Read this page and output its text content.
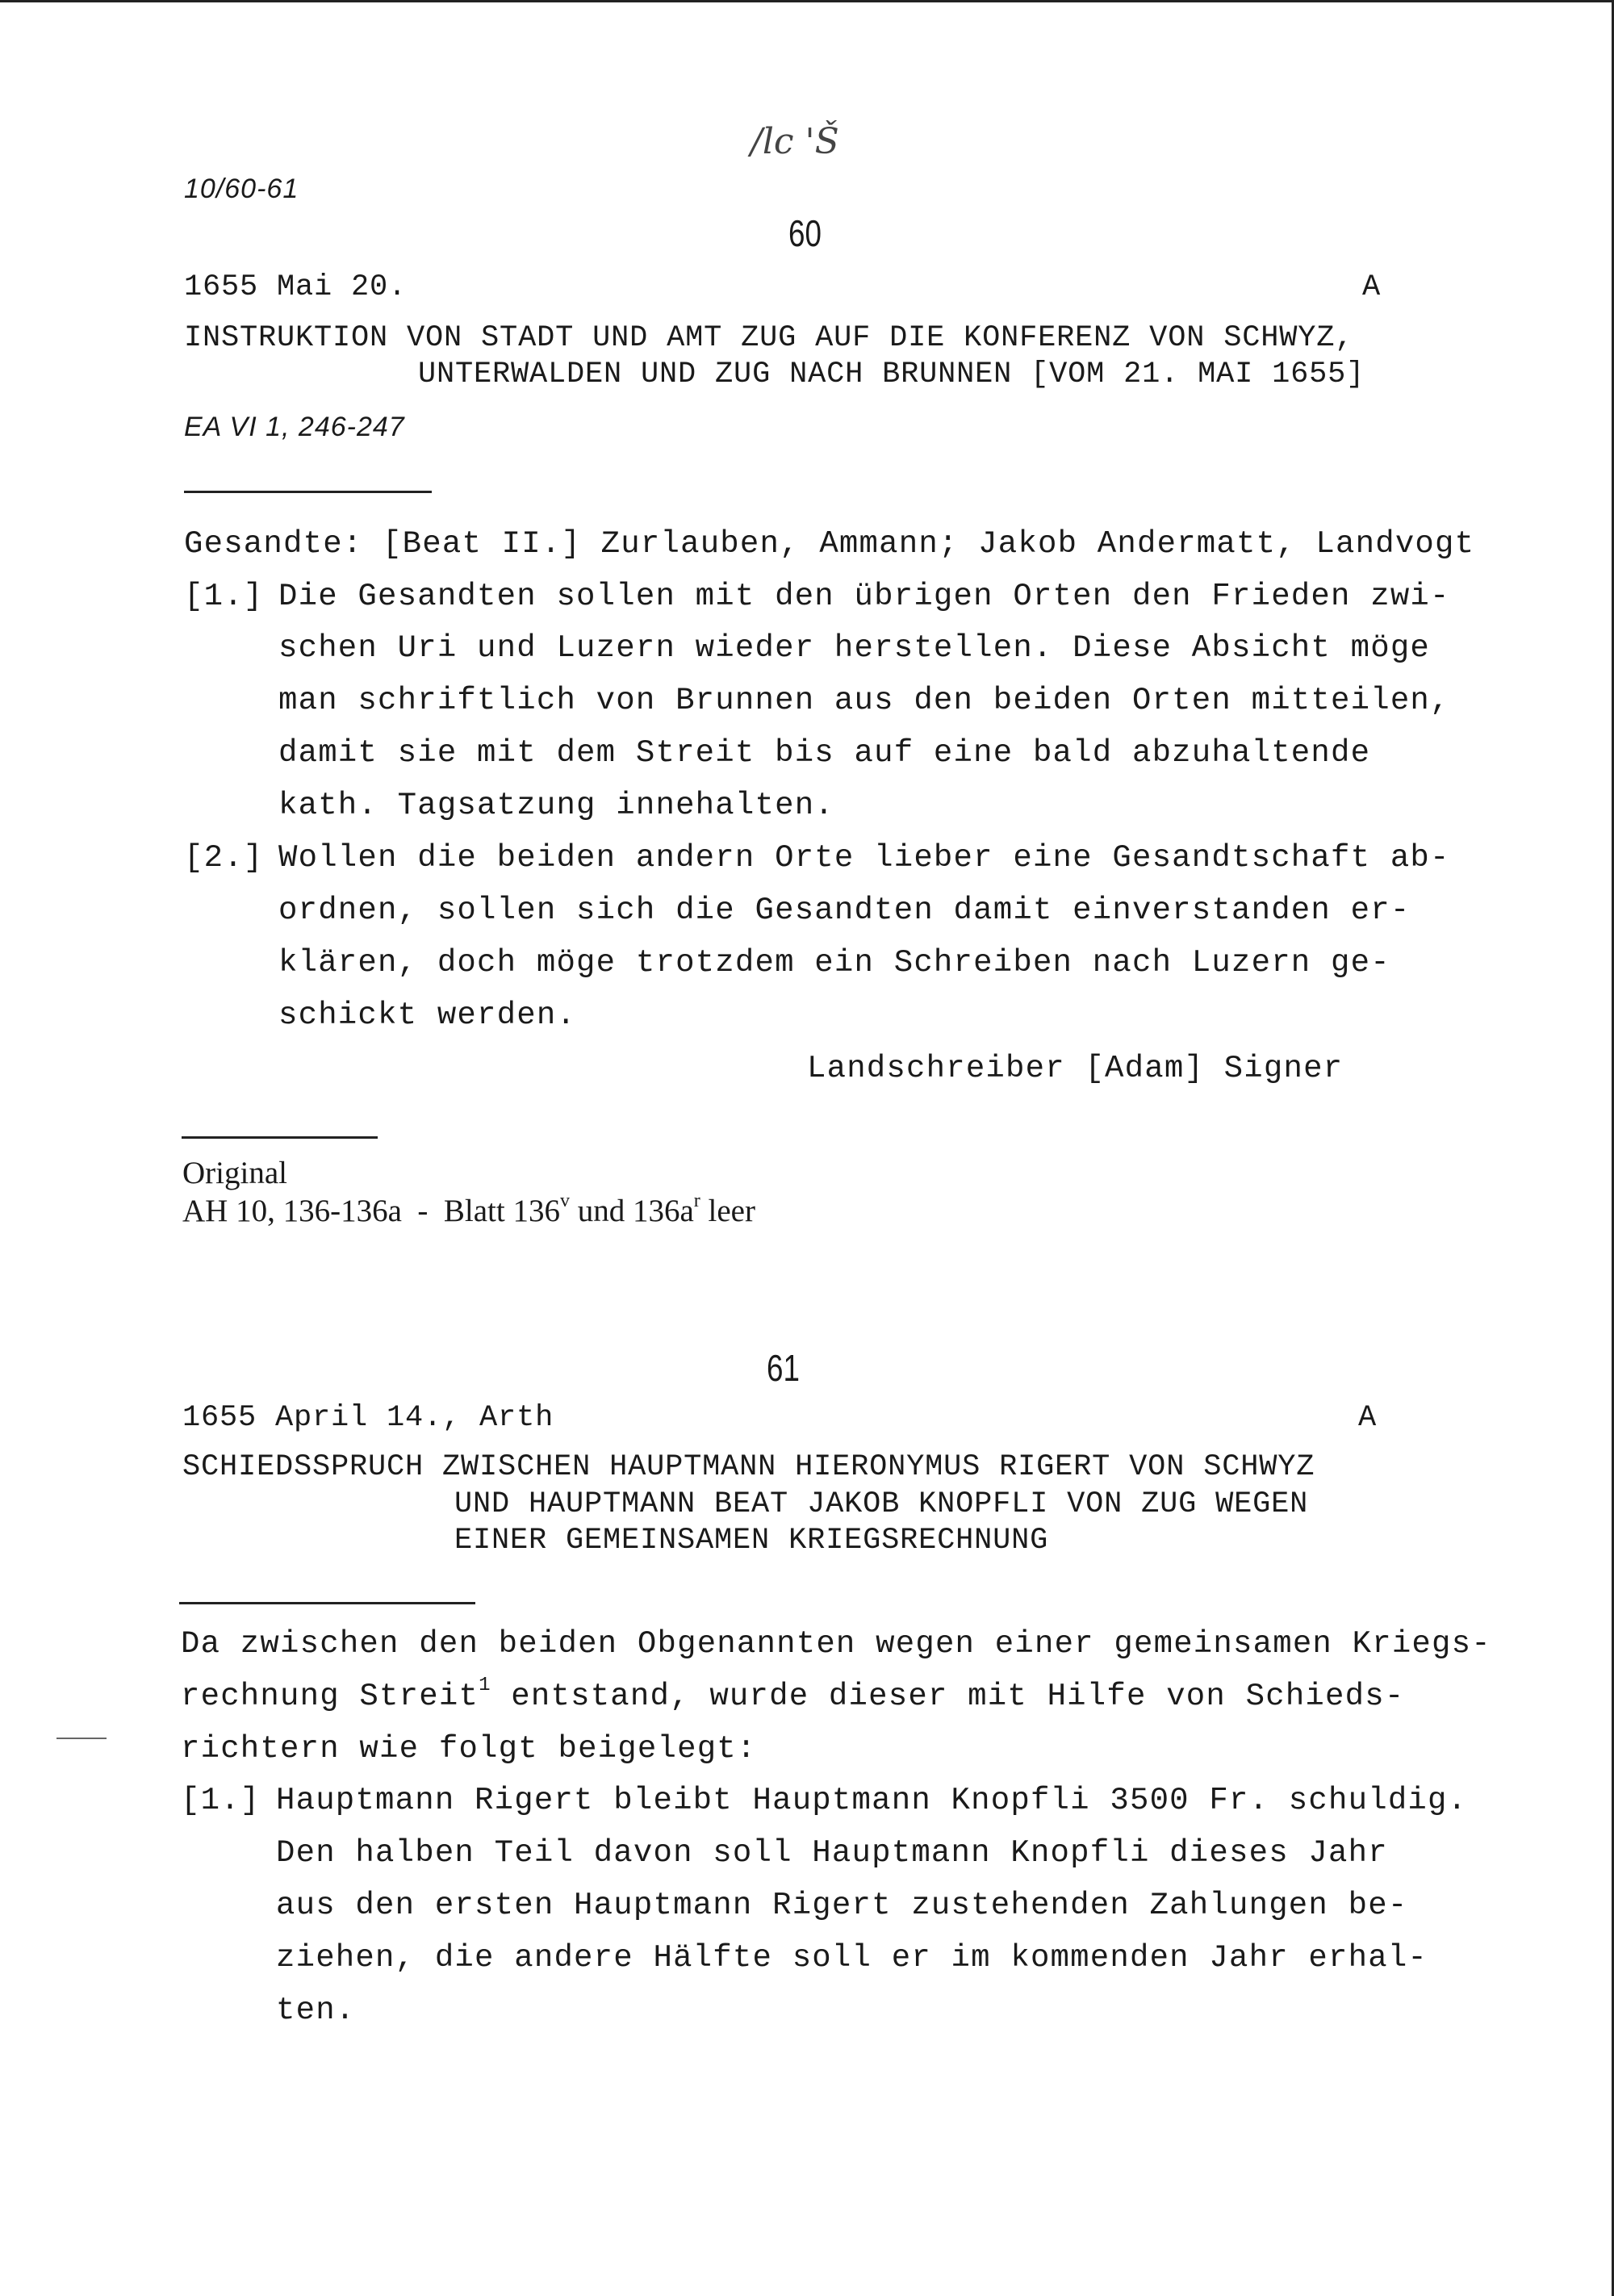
/lc 'Š
10/60-61
60
1655 Mai 20.	A
INSTRUKTION VON STADT UND AMT ZUG AUF DIE KONFERENZ VON SCHWYZ,
UNTERWALDEN UND ZUG NACH BRUNNEN [VOM 21. MAI 1655]
EA VI 1, 246-247
Gesandte: [Beat II.] Zurlauben, Ammann; Jakob Andermatt, Landvogt
[1.] Die Gesandten sollen mit den übrigen Orten den Frieden zwi-
schen Uri und Luzern wieder herstellen. Diese Absicht möge
man schriftlich von Brunnen aus den beiden Orten mitteilen,
damit sie mit dem Streit bis auf eine bald abzuhaltende
kath. Tagsatzung innehalten.
[2.] Wollen die beiden andern Orte lieber eine Gesandtschaft ab-
ordnen, sollen sich die Gesandten damit einverstanden er-
klären, doch möge trotzdem ein Schreiben nach Luzern ge-
schickt werden.
Landschreiber [Adam] Signer
Original
AH 10, 136-136a  -  Blatt 136$^v$ und $136a^r$ leer
61
1655 April 14., Arth	A
SCHIEDSSPRUCH ZWISCHEN HAUPTMANN HIERONYMUS RIGERT VON SCHWYZ
UND HAUPTMANN BEAT JAKOB KNOPFLI VON ZUG WEGEN
EINER GEMEINSAMEN KRIEGSRECHNUNG
Da zwischen den beiden Obgenannten wegen einer gemeinsamen Kriegs-
rechnung Streit$^1$ entstand, wurde dieser mit Hilfe von Schieds-
richtern wie folgt beigelegt:
[1.] Hauptmann Rigert bleibt Hauptmann Knopfli 3500 Fr. schuldig.
Den halben Teil davon soll Hauptmann Knopfli dieses Jahr
aus den ersten Hauptmann Rigert zustehenden Zahlungen be-
ziehen, die andere Hälfte soll er im kommenden Jahr erhal-
ten.
